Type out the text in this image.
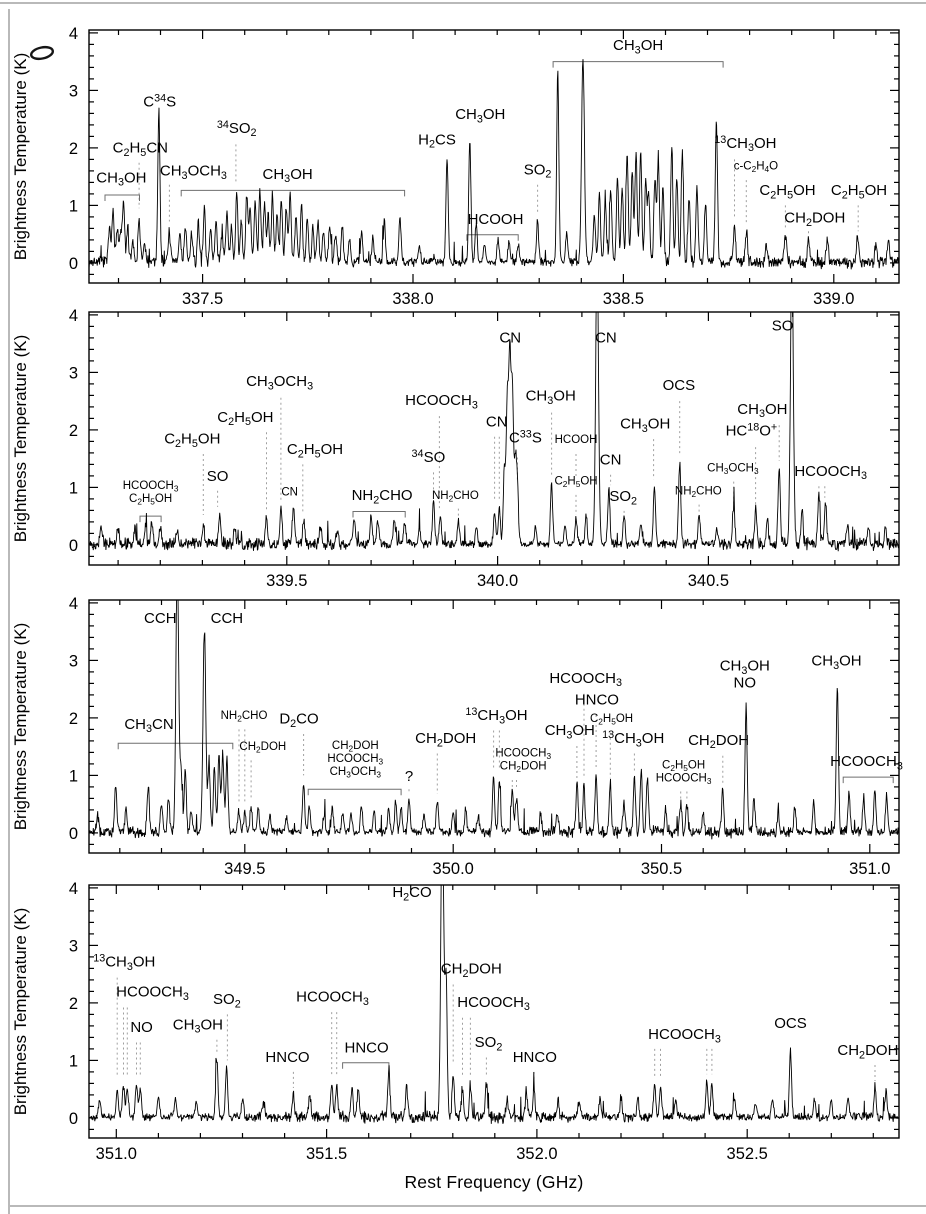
0
1
2
3
4
337.5	338.0	338.5	339.0
Brightness Temperature (K)	$CH_3OH$
$C_2H_5CN$
$C^{34}S$
$CH_3OCH_3$
$^{34}SO_2$
$CH_3OH$
$H_2CS$
$CH_3OH$
HCOOH
$SO_2$
$CH_3OH$
$^{13}CH_3OH$
$c-C_2H_4O$
$C_2H_5OH$
$CH_2DOH$
$C_2H_5OH$
0
1
2
3
4
339.5	340.0	340.5
Brightness Temperature (K)	$HCOOCH_3$
$C_2H_5OH$
$C_2H_5OH$
SO
$C_2H_5OH$
$CH_3OCH_3$
CN
$C_2H_5OH$
$NH_2CHO$
$^{34}$SO
$HCOOCH_3$
$NH_2CHO$
CN
CN
$C^{33}S$
$CH_3OH$
HCOOH
$C_2H_5OH$
CN
CN
$SO_2$
$CH_3OH$
OCS
$NH_2CHO$
$CH_3OCH_3$
HC$^{18}$O+
$CH_3OH$
SO
$HCOOCH_3$
0
1
2
3
4
349.5	350.0	350.5	351.0
Brightness Temperature (K)	$CH_3CN$
CCH CCH
$NH_2CHO$
$CH_2DOH$
$D_2CO$
$CH_2DOH$
$HCOOCH_3$
$CH_3OCH_3$ ?
$CH_2DOH$
$^{13}CH_3OH$
$HCOOCH_3$
$CH_2DOH$
$CH_3OH$
$HCOOCH_3$
HNCO
$C_2H_5OH$
$^{13}CH_3OH$
$C_2H_5OH$
$HCOOCH_3$
$CH_2DOH$
$CH_3OH$
NO
$CH_3OH$
$HCOOCH_3$
0
1
2
3
4
351.0	351.5	352.0	352.5
Brightness Temperature (K)	$^{13}CH_3OH$
$HCOOCH_3$
NO $CH_3OH$
$SO_2$
HNCO
$HCOOCH_3$
HNCO
$H_2CO$
$CH_2DOH$
$HCOOCH_3$
$SO_2$
HNCO
$HCOOCH_3$
OCS
$CH_2DOH$
Rest Frequency (GHz)
